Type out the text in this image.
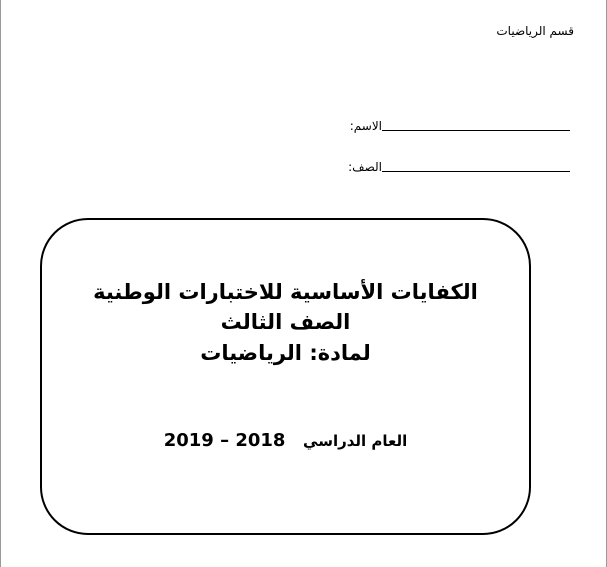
قسم الرياضيات
الاسم:
الصف:
الكفايات الأساسية للاختبارات الوطنية
الصف الثالث
لمادة: الرياضيات
العام الدراسي 2019 – 2018
